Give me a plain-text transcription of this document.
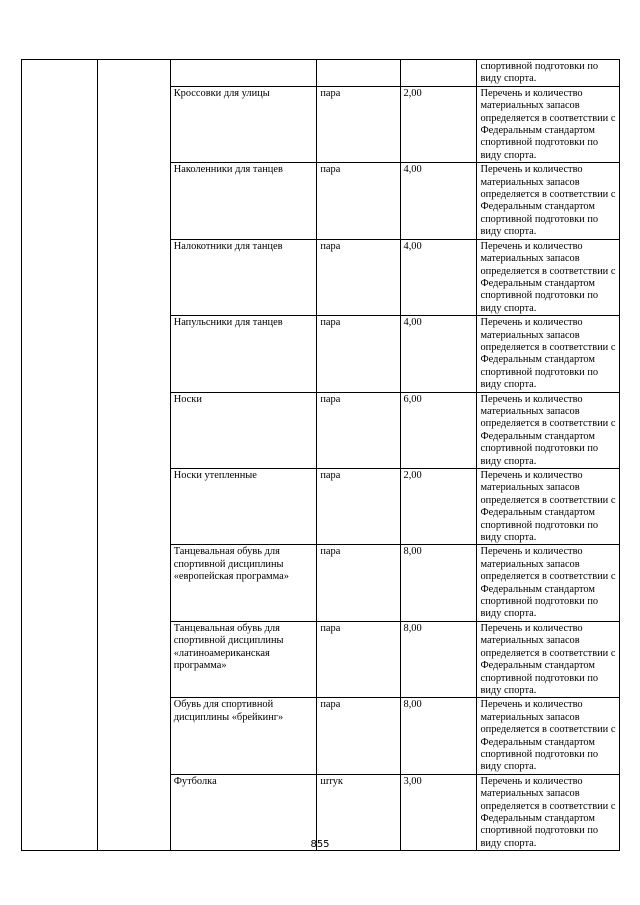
					спортивной подготовки по виду спорта.
		Кроссовки для улицы	пара	2,00	Перечень и количество материальных запасов определяется в соответствии с Федеральным стандартом спортивной подготовки по виду спорта.
		Наколенники для танцев	пара	4,00	Перечень и количество материальных запасов определяется в соответствии с Федеральным стандартом спортивной подготовки по виду спорта.
		Налокотники для танцев	пара	4,00	Перечень и количество материальных запасов определяется в соответствии с Федеральным стандартом спортивной подготовки по виду спорта.
		Напульсники для танцев	пара	4,00	Перечень и количество материальных запасов определяется в соответствии с Федеральным стандартом спортивной подготовки по виду спорта.
		Носки	пара	6,00	Перечень и количество материальных запасов определяется в соответствии с Федеральным стандартом спортивной подготовки по виду спорта.
		Носки утепленные	пара	2,00	Перечень и количество материальных запасов определяется в соответствии с Федеральным стандартом спортивной подготовки по виду спорта.
		Танцевальная обувь для спортивной дисциплины «европейская программа»	пара	8,00	Перечень и количество материальных запасов определяется в соответствии с Федеральным стандартом спортивной подготовки по виду спорта.
		Танцевальная обувь для спортивной дисциплины «латиноамериканская программа»	пара	8,00	Перечень и количество материальных запасов определяется в соответствии с Федеральным стандартом спортивной подготовки по виду спорта.
		Обувь для спортивной дисциплины «брейкинг»	пара	8,00	Перечень и количество материальных запасов определяется в соответствии с Федеральным стандартом спортивной подготовки по виду спорта.
		Футболка	штук	3,00	Перечень и количество материальных запасов определяется в соответствии с Федеральным стандартом спортивной подготовки по виду спорта.
855
